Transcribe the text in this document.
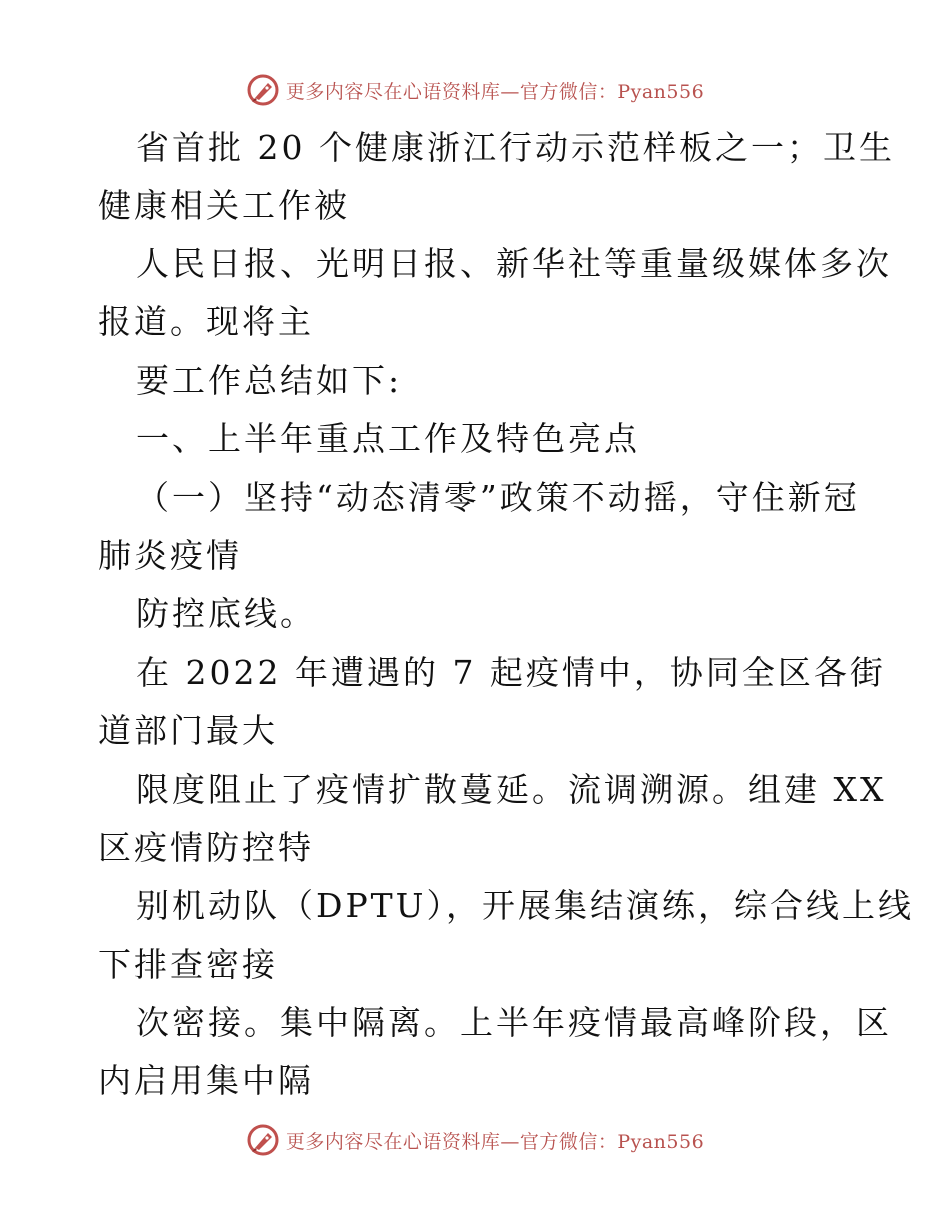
更多内容尽在心语资料库—官方微信：Pyan556
省首批 20 个健康浙江行动示范样板之一；卫生
健康相关工作被
人民日报、光明日报、新华社等重量级媒体多次
报道。现将主
要工作总结如下:
一、上半年重点工作及特色亮点
（一）坚持“动态清零”政策不动摇，守住新冠
肺炎疫情
防控底线。
在 2022 年遭遇的 7 起疫情中，协同全区各街
道部门最大
限度阻止了疫情扩散蔓延。流调溯源。组建 XX
区疫情防控特
别机动队（DPTU），开展集结演练，综合线上线
下排查密接
次密接。集中隔离。上半年疫情最高峰阶段，区
内启用集中隔
更多内容尽在心语资料库—官方微信：Pyan556
